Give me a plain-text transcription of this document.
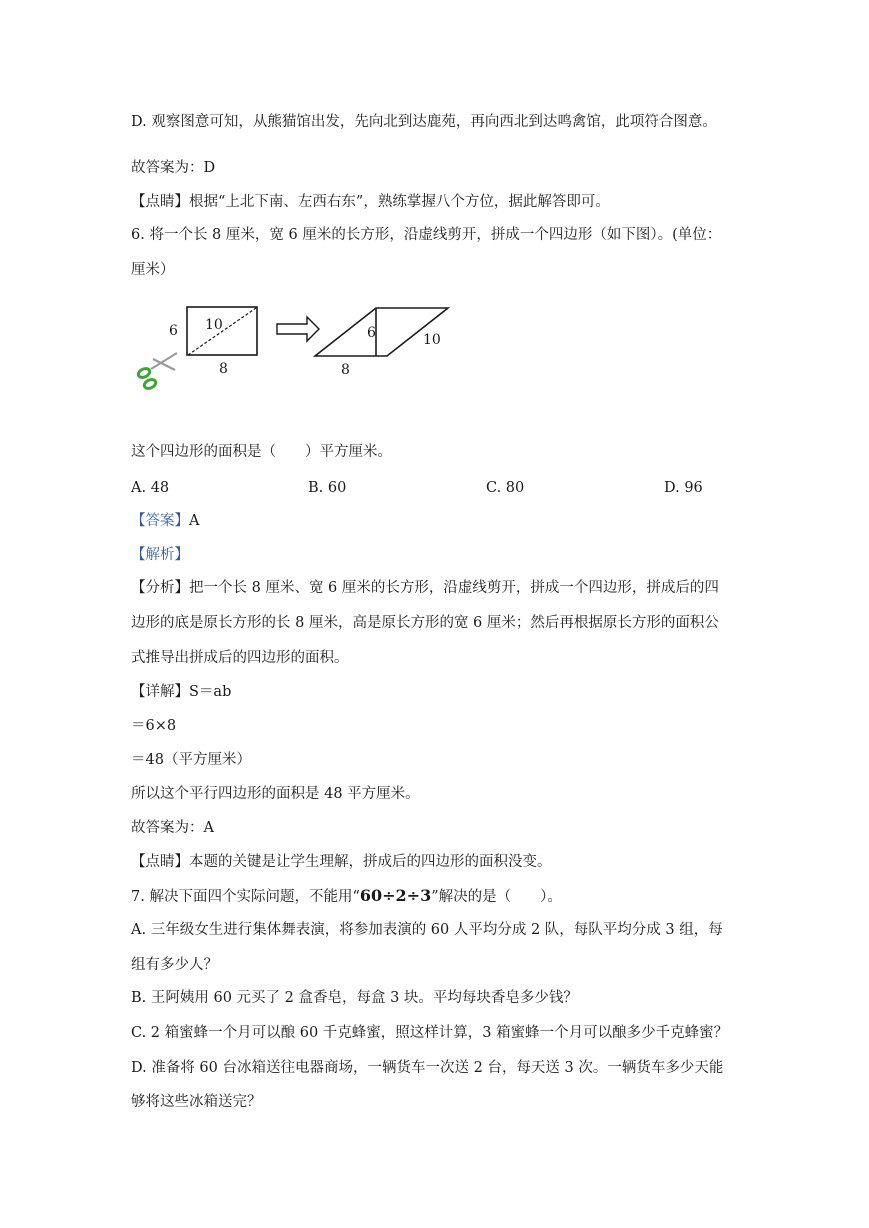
D. 观察图意可知，从熊猫馆出发，先向北到达鹿苑，再向西北到达鸣禽馆，此项符合图意。
故答案为：D
【点睛】根据“上北下南、左西右东”，熟练掌握八个方位，据此解答即可。
6. 将一个长 8 厘米，宽 6 厘米的长方形，沿虚线剪开，拼成一个四边形（如下图）。(单位：
厘米）
6 10
8
6	10
8
这个四边形的面积是（　　）平方厘米。
A. 48	B. 60	C. 80	D. 96
【答案】A
【解析】
【分析】把一个长 8 厘米、宽 6 厘米的长方形，沿虚线剪开，拼成一个四边形，拼成后的四
边形的底是原长方形的长 8 厘米，高是原长方形的宽 6 厘米；然后再根据原长方形的面积公
式推导出拼成后的四边形的面积。
【详解】S＝ab
＝6×8
＝48（平方厘米）
所以这个平行四边形的面积是 48 平方厘米。
故答案为：A
【点睛】本题的关键是让学生理解，拼成后的四边形的面积没变。
7. 解决下面四个实际问题，不能用“60÷2÷3”解决的是（　　）。
A. 三年级女生进行集体舞表演，将参加表演的 60 人平均分成 2 队，每队平均分成 3 组，每
组有多少人？
B. 王阿姨用 60 元买了 2 盒香皂，每盒 3 块。平均每块香皂多少钱？
C. 2 箱蜜蜂一个月可以酿 60 千克蜂蜜，照这样计算，3 箱蜜蜂一个月可以酿多少千克蜂蜜？
D. 准备将 60 台冰箱送往电器商场，一辆货车一次送 2 台，每天送 3 次。一辆货车多少天能
够将这些冰箱送完？
